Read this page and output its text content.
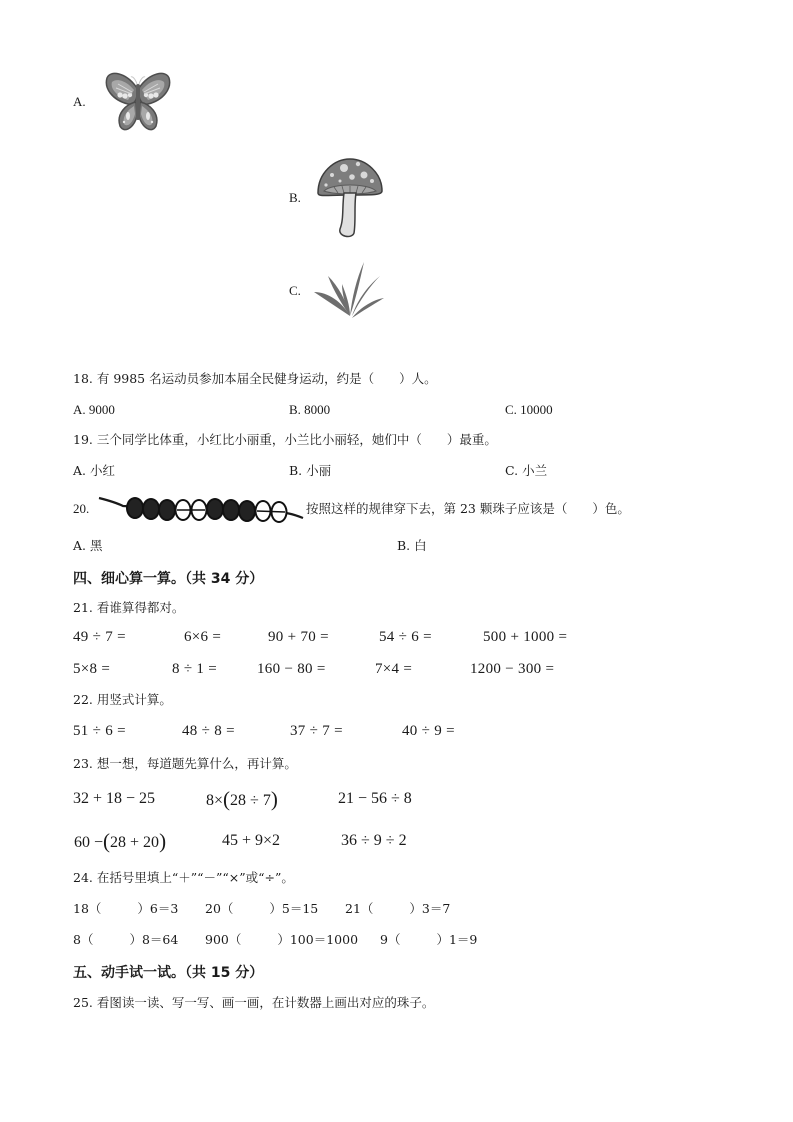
A.
B.
C.
18. 有 9985 名运动员参加本届全民健身运动，约是（　　）人。
A. 9000	B. 8000	C. 10000
19. 三个同学比体重，小红比小丽重，小兰比小丽轻，她们中（　　）最重。
A. 小红	B. 小丽	C. 小兰
20.	按照这样的规律穿下去，第 23 颗珠子应该是（　　）色。
A. 黑	B. 白
四、细心算一算。（共 34 分）
21. 看谁算得都对。
49 ÷ 7 =	6×6 =	90 + 70 =	54 ÷ 6 =	500 + 1000 =
5×8 =	8 ÷ 1 =	160 − 80 =	7×4 =	1200 − 300 =
22. 用竖式计算。
51 ÷ 6 =	48 ÷ 8 =	37 ÷ 7 =	40 ÷ 9 =
23. 想一想，每道题先算什么，再计算。
32 + 18 − 25	8×(28 ÷ 7)	21 − 56 ÷ 8
60 −(28 + 20)	45 + 9×2	36 ÷ 9 ÷ 2
24. 在括号里填上“＋”“－”“×”或“÷”。
18（	）6＝3 20（	）5＝15 21（	）3＝7
8（	）8＝64 900（	）100＝1000 9（	）1＝9
五、动手试一试。（共 15 分）
25. 看图读一读、写一写、画一画，在计数器上画出对应的珠子。
